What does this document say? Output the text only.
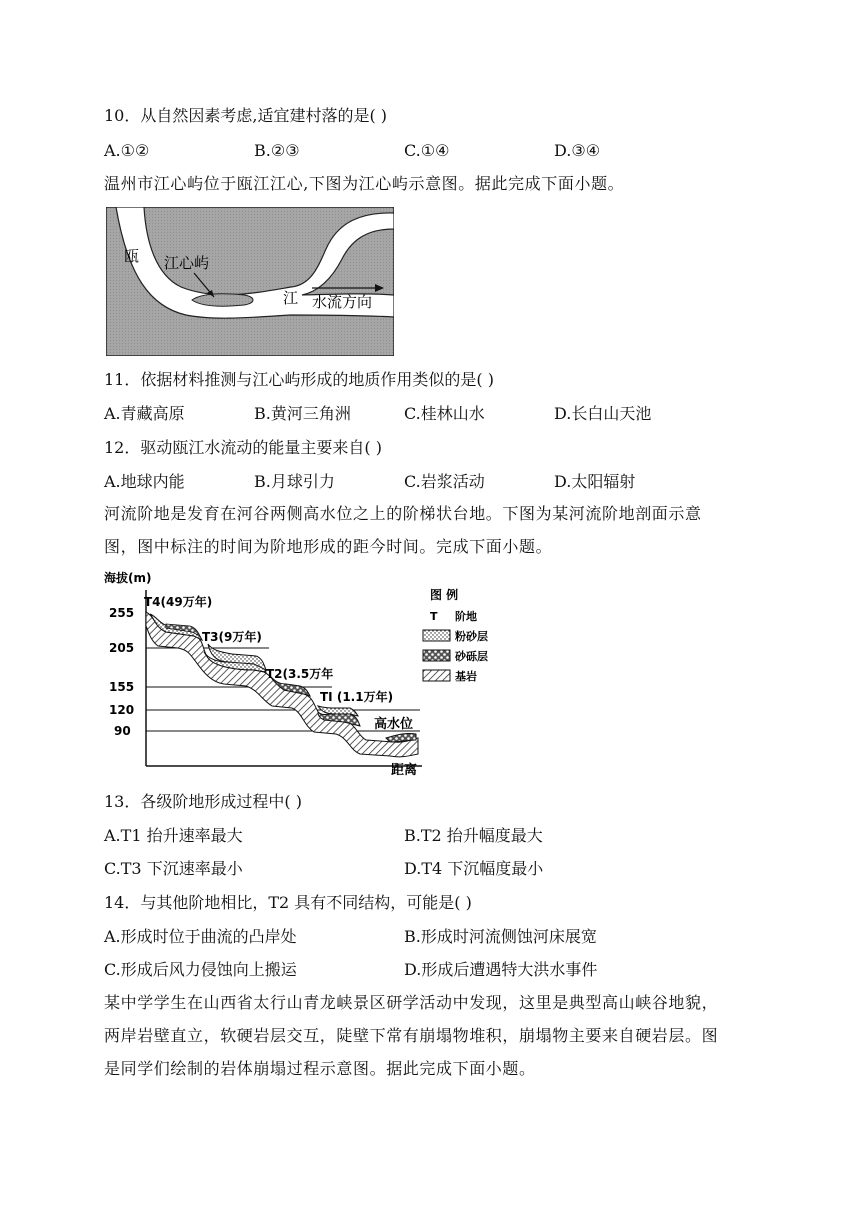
10．从自然因素考虑,适宜建村落的是( )
A.①②	B.②③	C.①④	D.③④
温州市江心屿位于瓯江江心,下图为江心屿示意图。据此完成下面小题。
瓯 江心屿
江 水流方向
11．依据材料推测与江心屿形成的地质作用类似的是( )
A.青藏高原	B.黄河三角洲	C.桂林山水	D.长白山天池
12．驱动瓯江水流动的能量主要来自( )
A.地球内能	B.月球引力	C.岩浆活动	D.太阳辐射
河流阶地是发育在河谷两侧高水位之上的阶梯状台地。下图为某河流阶地剖面示意
图，图中标注的时间为阶地形成的距今时间。完成下面小题。
海拔(m)
距离
255
205
155
120
90
T4(49万年)
T3(9万年)
T2(3.5万年
TI (1.1万年)
高水位
图 例
T 阶地
粉砂层
砂砾层
基岩
13．各级阶地形成过程中( )
A.T1 抬升速率最大	B.T2 抬升幅度最大
C.T3 下沉速率最小	D.T4 下沉幅度最小
14．与其他阶地相比，T2 具有不同结构，可能是( )
A.形成时位于曲流的凸岸处	B.形成时河流侧蚀河床展宽
C.形成后风力侵蚀向上搬运	D.形成后遭遇特大洪水事件
某中学学生在山西省太行山青龙峡景区研学活动中发现，这里是典型高山峡谷地貌，
两岸岩壁直立，软硬岩层交互，陡壁下常有崩塌物堆积，崩塌物主要来自硬岩层。图
是同学们绘制的岩体崩塌过程示意图。据此完成下面小题。
